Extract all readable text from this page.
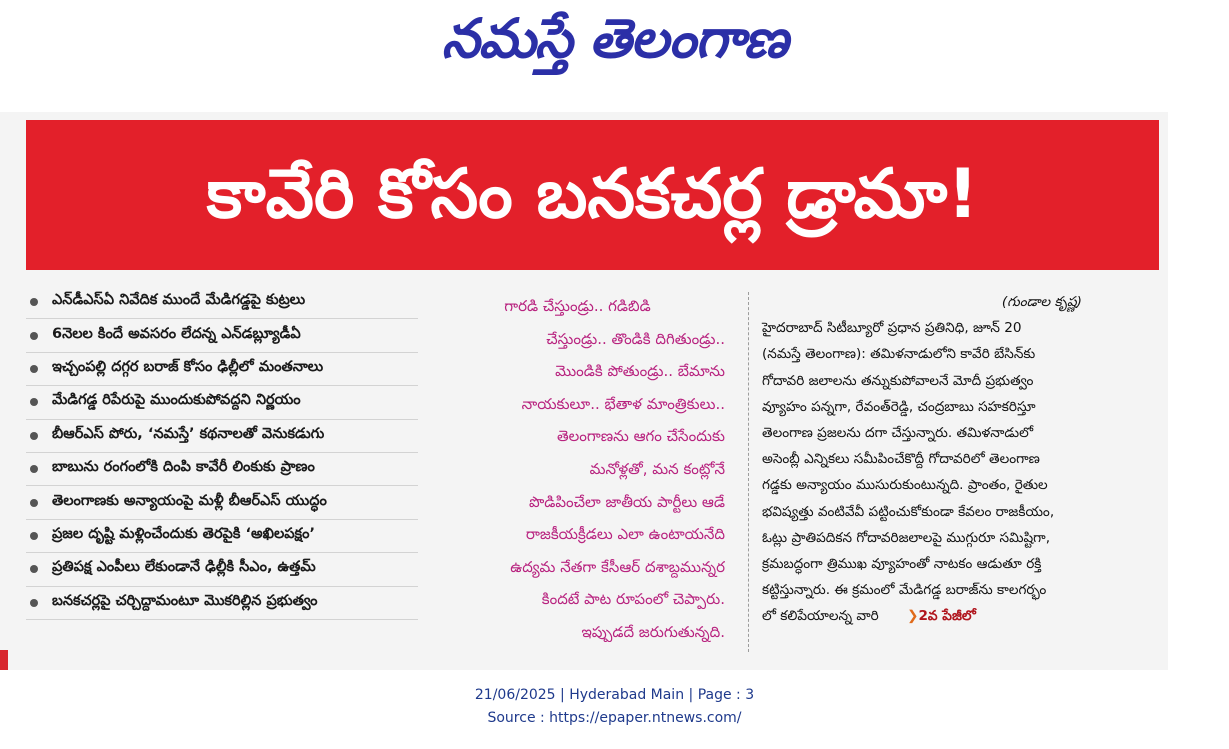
నమస్తే తెలంగాణ
కావేరి కోసం బనకచర్ల డ్రామా!
ఎన్‌డీఎస్‌ఏ నివేదిక ముందే మేడిగడ్డపై కుట్రలు
6నెలల కిందే అవసరం లేదన్న ఎన్‌డబ్ల్యూడీఏ
ఇచ్చంపల్లి దగ్గర బరాజ్ కోసం ఢిల్లీలో మంతనాలు
మేడిగడ్డ రిపేరుపై ముందుకుపోవద్దని నిర్ణయం
బీఆర్‌ఎస్ పోరు, ‘నమస్తే’ కథనాలతో వెనుకడుగు
బాబును రంగంలోకి దింపి కావేరీ లింకుకు ప్రాణం
తెలంగాణకు అన్యాయంపై మళ్లీ బీఆర్‌ఎస్ యుద్ధం
ప్రజల దృష్టి మళ్లించేందుకు తెరపైకి ‘అఖిలపక్షం’
ప్రతిపక్ష ఎంపీలు లేకుండానే ఢిల్లీకి సీఎం, ఉత్తమ్
బనకచర్లపై చర్చిద్దామంటూ మొకరిల్లిన ప్రభుత్వం
గారడి చేస్తుండ్రు.. గడిబిడి
చేస్తుండ్రు.. తొండికి దిగితుండ్రు..
మొండికి పోతుండ్రు.. బేమాను
నాయకులూ.. భేతాళ మాంత్రికులు..
తెలంగాణను ఆగం చేసేందుకు
మనోళ్లతో, మన కంట్లోనే
పొడిపించేలా జాతీయ పార్టీలు ఆడే
రాజకీయక్రీడలు ఎలా ఉంటాయనేది
ఉద్యమ నేతగా కేసీఆర్ దశాబ్దమున్నర
కిందటే పాట రూపంలో చెప్పారు.
ఇప్పుడదే జరుగుతున్నది.
(గుండాల కృష్ణ)
హైదరాబాద్ సిటీబ్యూరో ప్రధాన ప్రతినిధి, జూన్ 20
(నమస్తే తెలంగాణ): తమిళనాడులోని కావేరి బేసిన్‌కు
గోదావరి జలాలను తన్నుకుపోవాలనే మోదీ ప్రభుత్వం
వ్యూహం పన్నగా, రేవంత్‌రెడ్డి, చంద్రబాబు సహకరిస్తూ
తెలంగాణ ప్రజలను దగా చేస్తున్నారు. తమిళనాడులో
అసెంబ్లీ ఎన్నికలు సమీపించేకొద్దీ గోదావరిలో తెలంగాణ
గడ్డకు అన్యాయం ముసురుకుంటున్నది. ప్రాంతం, రైతుల
భవిష్యత్తు వంటివేవీ పట్టించుకోకుండా కేవలం రాజకీయం,
ఓట్లు ప్రాతిపదికన గోదావరిజలాలపై ముగ్గురూ సమిష్టిగా,
క్రమబద్ధంగా త్రిముఖ వ్యూహంతో నాటకం ఆడుతూ రక్తి
కట్టిస్తున్నారు. ఈ క్రమంలో మేడిగడ్డ బరాజ్‌ను కాలగర్భం
లో కలిపేయాలన్న వారి ❯2వ పేజీలో
21/06/2025 | Hyderabad Main | Page : 3
Source : https://epaper.ntnews.com/
